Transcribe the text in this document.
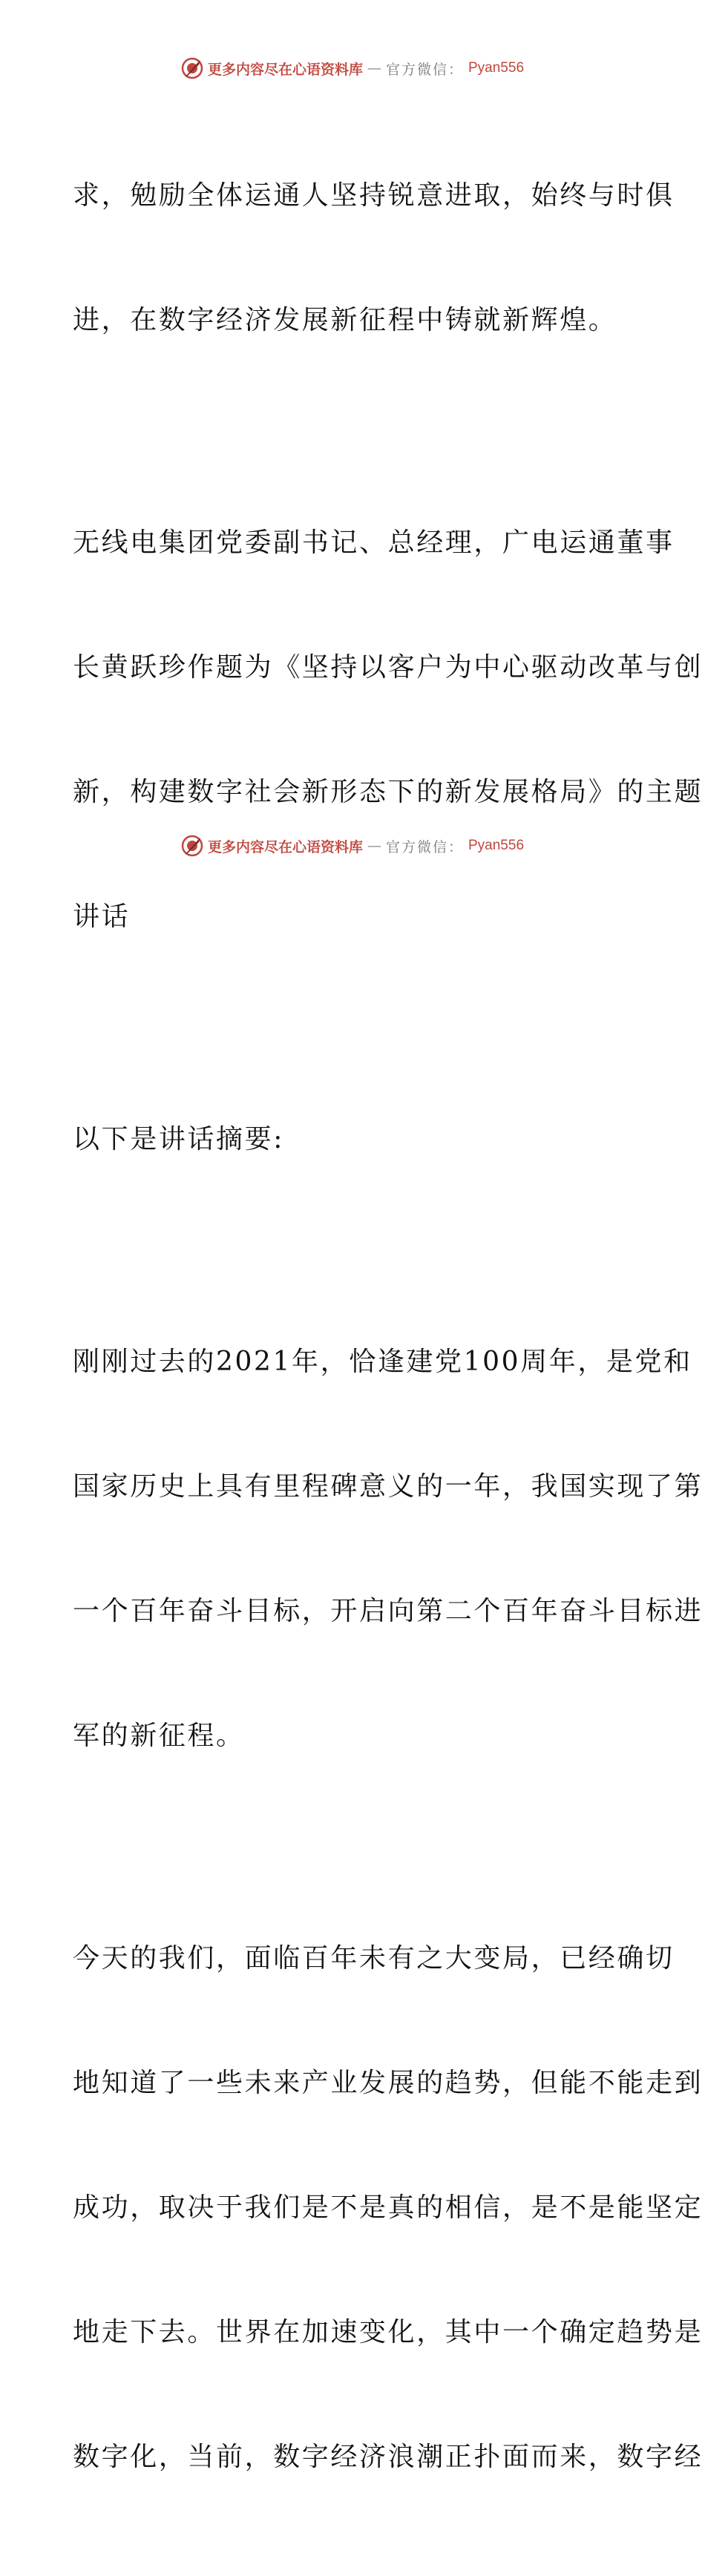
更多内容尽在心语资料库 — 官方微信： Pyan556

求，勉励全体运通人坚持锐意进取，始终与时俱

进，在数字经济发展新征程中铸就新辉煌。

无线电集团党委副书记、总经理，广电运通董事

长黄跃珍作题为《坚持以客户为中心驱动改革与创

新，构建数字社会新形态下的新发展格局》的主题

讲话

以下是讲话摘要:

刚刚过去的2021年，恰逢建党100周年，是党和

国家历史上具有里程碑意义的一年，我国实现了第

一个百年奋斗目标，开启向第二个百年奋斗目标进

军的新征程。

今天的我们，面临百年未有之大变局，已经确切

地知道了一些未来产业发展的趋势，但能不能走到

成功，取决于我们是不是真的相信，是不是能坚定

地走下去。世界在加速变化，其中一个确定趋势是

数字化，当前，数字经济浪潮正扑面而来，数字经

更多内容尽在心语资料库 — 官方微信： Pyan556
